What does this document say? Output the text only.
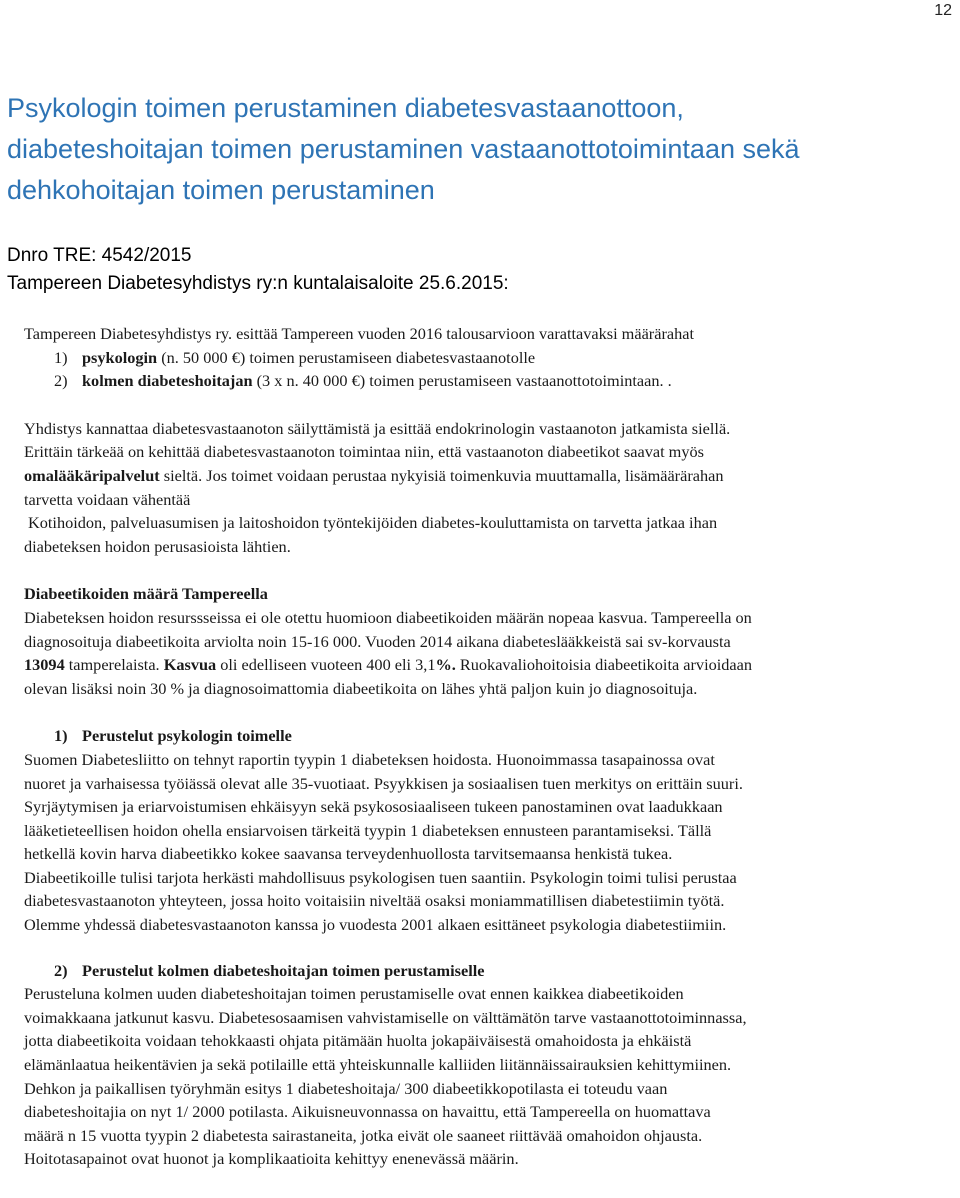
12
Psykologin toimen perustaminen diabetesvastaanottoon,
diabeteshoitajan toimen perustaminen vastaanottotoimintaan sekä
dehkohoitajan toimen perustaminen
Dnro TRE: 4542/2015
Tampereen Diabetesyhdistys ry:n kuntalaisaloite 25.6.2015:
Tampereen Diabetesyhdistys ry. esittää Tampereen vuoden 2016 talousarvioon varattavaksi määrärahat
1) psykologin (n. 50 000 €) toimen perustamiseen diabetesvastaanotolle
2) kolmen diabeteshoitajan (3 x n. 40 000 €) toimen perustamiseen vastaanottotoimintaan. .
Yhdistys kannattaa diabetesvastaanoton säilyttämistä ja esittää endokrinologin vastaanoton jatkamista siellä.
Erittäin tärkeää on kehittää diabetesvastaanoton toimintaa niin, että vastaanoton diabeetikot saavat myös
omalääkäripalvelut sieltä. Jos toimet voidaan perustaa nykyisiä toimenkuvia muuttamalla, lisämäärärahan
tarvetta voidaan vähentää
Kotihoidon, palveluasumisen ja laitoshoidon työntekijöiden diabetes-kouluttamista on tarvetta jatkaa ihan
diabeteksen hoidon perusasioista lähtien.
Diabeetikoiden määrä Tampereella
Diabeteksen hoidon resurssseissa ei ole otettu huomioon diabeetikoiden määrän nopeaa kasvua. Tampereella on
diagnosoituja diabeetikoita arviolta noin 15-16 000. Vuoden 2014 aikana diabeteslääkkeistä sai sv-korvausta
13094 tamperelaista. Kasvua oli edelliseen vuoteen 400 eli 3,1%. Ruokavaliohoitoisia diabeetikoita arvioidaan
olevan lisäksi noin 30 % ja diagnosoimattomia diabeetikoita on lähes yhtä paljon kuin jo diagnosoituja.
1) Perustelut psykologin toimelle
Suomen Diabetesliitto on tehnyt raportin tyypin 1 diabeteksen hoidosta. Huonoimmassa tasapainossa ovat
nuoret ja varhaisessa työiässä olevat alle 35-vuotiaat. Psyykkisen ja sosiaalisen tuen merkitys on erittäin suuri.
Syrjäytymisen ja eriarvoistumisen ehkäisyyn sekä psykososiaaliseen tukeen panostaminen ovat laadukkaan
lääketieteellisen hoidon ohella ensiarvoisen tärkeitä tyypin 1 diabeteksen ennusteen parantamiseksi. Tällä
hetkellä kovin harva diabeetikko kokee saavansa terveydenhuollosta tarvitsemaansa henkistä tukea.
Diabeetikoille tulisi tarjota herkästi mahdollisuus psykologisen tuen saantiin. Psykologin toimi tulisi perustaa
diabetesvastaanoton yhteyteen, jossa hoito voitaisiin niveltää osaksi moniammatillisen diabetestiimin työtä.
Olemme yhdessä diabetesvastaanoton kanssa jo vuodesta 2001 alkaen esittäneet psykologia diabetestiimiin.
2) Perustelut kolmen diabeteshoitajan toimen perustamiselle
Perusteluna kolmen uuden diabeteshoitajan toimen perustamiselle ovat ennen kaikkea diabeetikoiden
voimakkaana jatkunut kasvu. Diabetesosaamisen vahvistamiselle on välttämätön tarve vastaanottotoiminnassa,
jotta diabeetikoita voidaan tehokkaasti ohjata pitämään huolta jokapäiväisestä omahoidosta ja ehkäistä
elämänlaatua heikentävien ja sekä potilaille että yhteiskunnalle kalliiden liitännäissairauksien kehittymiinen.
Dehkon ja paikallisen työryhmän esitys 1 diabeteshoitaja/ 300 diabeetikkopotilasta ei toteudu vaan
diabeteshoitajia on nyt 1/ 2000 potilasta. Aikuisneuvonnassa on havaittu, että Tampereella on huomattava
määrä n 15 vuotta tyypin 2 diabetesta sairastaneita, jotka eivät ole saaneet riittävää omahoidon ohjausta.
Hoitotasapainot ovat huonot ja komplikaatioita kehittyy enenevässä määrin.
